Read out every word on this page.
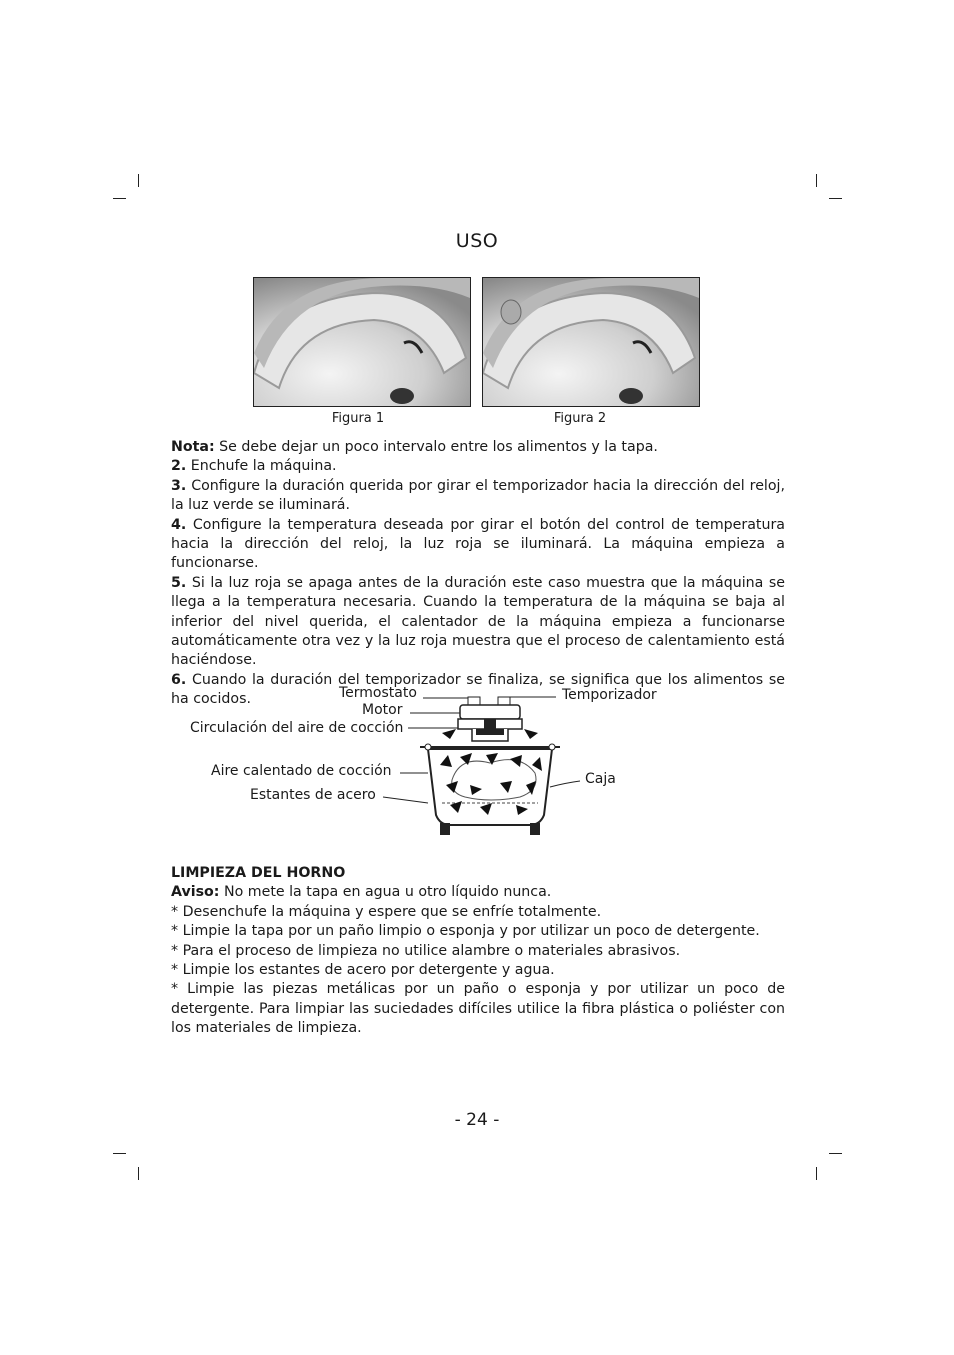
USO
Figura 1	Figura 2

Nota: Se debe dejar un poco intervalo entre los alimentos y la tapa.

2. Enchufe la máquina.

3. Configure la duración querida por girar el temporizador hacia la dirección del reloj, la luz verde se iluminará.

4. Configure la temperatura deseada por girar el botón del control de temperatura hacia la dirección del reloj, la luz roja se iluminará. La máquina empieza a funcionarse.

5. Si la luz roja se apaga antes de la duración este caso muestra que la máquina se llega a la temperatura necesaria. Cuando la temperatura de la máquina se baja al inferior del nivel querida, el calentador de la máquina empieza a funcionarse automáticamente otra vez y la luz roja muestra que el proceso de calentamiento está haciéndose.

6. Cuando la duración del temporizador se finaliza, se significa que los alimentos se ha cocidos.	Termostato
Motor
Circulación del aire de cocción
Temporizador
Aire calentado de cocción	Caja
Estantes de acero

LIMPIEZA DEL HORNO

Aviso: No mete la tapa en agua u otro líquido nunca.

* Desenchufe la máquina y espere que se enfríe totalmente.

* Limpie la tapa por un paño limpio o esponja y por utilizar un poco de detergente.

* Para el proceso de limpieza no utilice alambre o materiales abrasivos.

* Limpie los estantes de acero por detergente y agua.

* Limpie las piezas metálicas por un paño o esponja y por utilizar un poco de detergente. Para limpiar las suciedades difíciles utilice la fibra plástica o poliéster con los materiales de limpieza.

- 24 -
